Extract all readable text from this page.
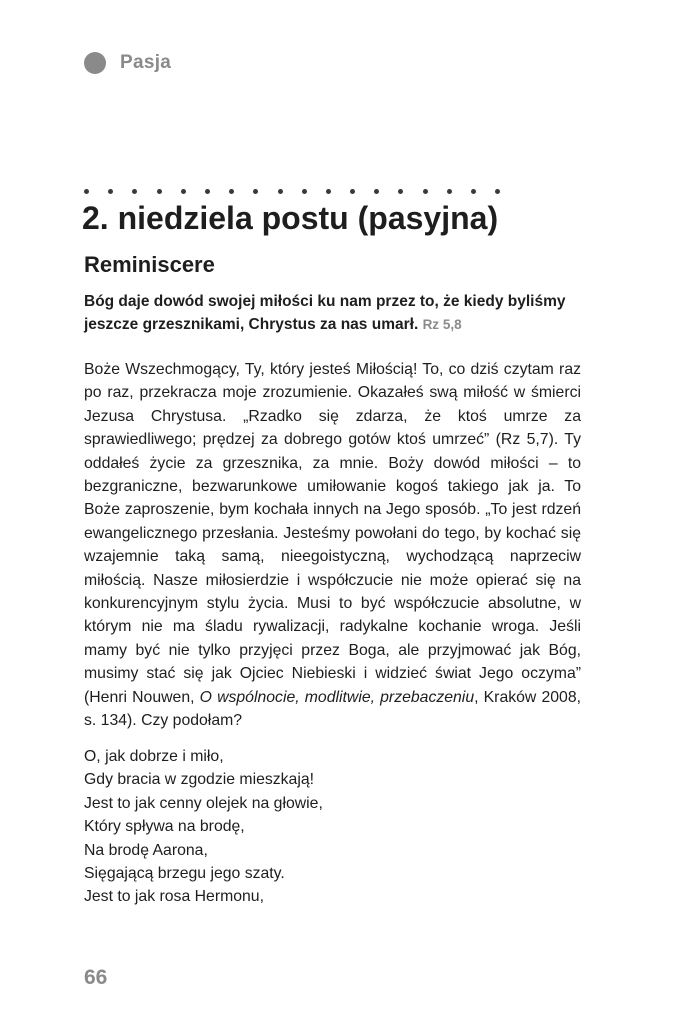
Pasja
2. niedziela postu (pasyjna)
Reminiscere

Bóg daje dowód swojej miłości ku nam przez to, że kiedy byliśmy jeszcze grzesznikami, Chrystus za nas umarł. Rz 5,8

Boże Wszechmogący, Ty, który jesteś Miłością! To, co dziś czytam raz po raz, przekracza moje zrozumienie. Okazałeś swą miłość w śmierci Jezusa Chrystusa. „Rzadko się zdarza, że ktoś umrze za sprawiedliwego; prędzej za dobrego gotów ktoś umrzeć” (Rz 5,7). Ty oddałeś życie za grzesznika, za mnie. Boży dowód miłości – to bezgraniczne, bezwarunkowe umiłowanie kogoś takiego jak ja. To Boże zaproszenie, bym kochała innych na Jego sposób. „To jest rdzeń ewangelicznego przesłania. Jesteśmy powołani do tego, by kochać się wzajemnie taką samą, nieegoistyczną, wychodzącą naprzeciw miłością. Nasze miłosierdzie i współczucie nie może opierać się na konkurencyjnym stylu życia. Musi to być współczucie absolutne, w którym nie ma śladu rywalizacji, radykalne kochanie wroga. Jeśli mamy być nie tylko przyjęci przez Boga, ale przyjmować jak Bóg, musimy stać się jak Ojciec Niebieski i widzieć świat Jego oczyma” (Henri Nouwen, O wspólnocie, modlitwie, przebaczeniu, Kraków 2008, s. 134). Czy podołam?

O, jak dobrze i miło,
Gdy bracia w zgodzie mieszkają!
Jest to jak cenny olejek na głowie,
Który spływa na brodę,
Na brodę Aarona,
Sięgającą brzegu jego szaty.
Jest to jak rosa Hermonu,
66
